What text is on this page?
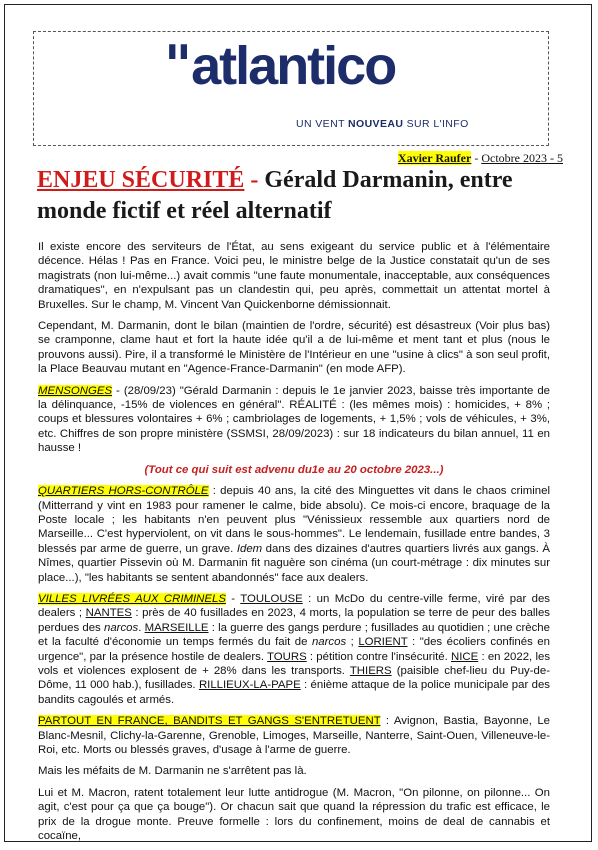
"atlantico
UN VENT NOUVEAU SUR L'INFO
Xavier Raufer - Octobre 2023 - 5
ENJEU SÉCURITÉ - Gérald Darmanin, entre monde fictif et réel alternatif

Il existe encore des serviteurs de l'État, au sens exigeant du service public et à l'élémentaire décence. Hélas ! Pas en France. Voici peu, le ministre belge de la Justice constatait qu'un de ses magistrats (non lui-même...) avait commis "une faute monumentale, inacceptable, aux conséquences dramatiques", en n'expulsant pas un clandestin qui, peu après, commettait un attentat mortel à Bruxelles. Sur le champ, M. Vincent Van Quickenborne démissionnait.

Cependant, M. Darmanin, dont le bilan (maintien de l'ordre, sécurité) est désastreux (Voir plus bas) se cramponne, clame haut et fort la haute idée qu'il a de lui-même et ment tant et plus (nous le prouvons aussi). Pire, il a transformé le Ministère de l'Intérieur en une "usine à clics" à son seul profit, la Place Beauvau mutant en "Agence-France-Darmanin" (en mode AFP).

MENSONGES - (28/09/23) "Gérald Darmanin : depuis le 1e janvier 2023, baisse très importante de la délinquance, -15% de violences en général". RÉALITÉ : (les mêmes mois) : homicides, + 8% ; coups et blessures volontaires + 6% ; cambriolages de logements, + 1,5% ; vols de véhicules, + 3%, etc. Chiffres de son propre ministère (SSMSI, 28/09/2023) : sur 18 indicateurs du bilan annuel, 11 en hausse !

(Tout ce qui suit est advenu du1e au 20 octobre 2023...)

QUARTIERS HORS-CONTRÔLE : depuis 40 ans, la cité des Minguettes vit dans le chaos criminel (Mitterrand y vint en 1983 pour ramener le calme, bide absolu). Ce mois-ci encore, braquage de la Poste locale ; les habitants n'en peuvent plus "Vénissieux ressemble aux quartiers nord de Marseille... C'est hyperviolent, on vit dans le sous-hommes". Le lendemain, fusillade entre bandes, 3 blessés par arme de guerre, un grave. Idem dans des dizaines d'autres quartiers livrés aux gangs. À Nîmes, quartier Pissevin où M. Darmanin fit naguère son cinéma (un court-métrage : dix minutes sur place...), "les habitants se sentent abandonnés" face aux dealers.

VILLES LIVRÉES AUX CRIMINELS - TOULOUSE : un McDo du centre-ville ferme, viré par des dealers ; NANTES : près de 40 fusillades en 2023, 4 morts, la population se terre de peur des balles perdues des narcos. MARSEILLE : la guerre des gangs perdure ; fusillades au quotidien ; une crèche et la faculté d'économie un temps fermés du fait de narcos ; LORIENT : "des écoliers confinés en urgence", par la présence hostile de dealers. TOURS : pétition contre l'insécurité. NICE : en 2022, les vols et violences explosent de + 28% dans les transports. THIERS (paisible chef-lieu du Puy-de-Dôme, 11 000 hab.), fusillades. RILLIEUX-LA-PAPE : énième attaque de la police municipale par des bandits cagoulés et armés.

PARTOUT EN FRANCE, BANDITS ET GANGS S'ENTRETUENT : Avignon, Bastia, Bayonne, Le Blanc-Mesnil, Clichy-la-Garenne, Grenoble, Limoges, Marseille, Nanterre, Saint-Ouen, Villeneuve-le-Roi, etc. Morts ou blessés graves, d'usage à l'arme de guerre.

Mais les méfaits de M. Darmanin ne s'arrêtent pas là.

Lui et M. Macron, ratent totalement leur lutte antidrogue (M. Macron, "On pilonne, on pilonne... On agit, c'est pour ça que ça bouge"). Or chacun sait que quand la répression du trafic est efficace, le prix de la drogue monte. Preuve formelle : lors du confinement, moins de deal de cannabis et cocaïne,
